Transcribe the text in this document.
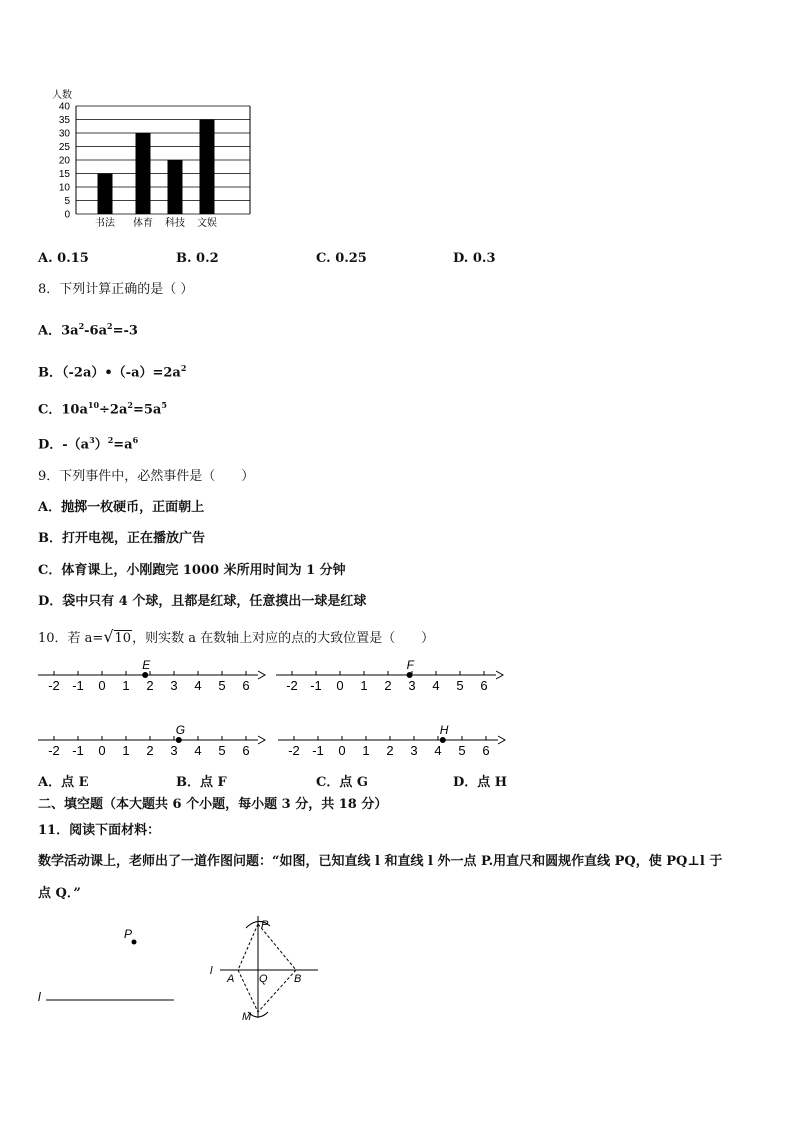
人数
0
5
10
15
20
25
30
35
40
书法 体育 科技 文娱
A. 0.15	B. 0.2	C. 0.25	D. 0.3
8．下列计算正确的是（ ）
A．$3a^2-6a^2=-3$
B．$(-2a)•(-a)=2a^2$
C．$10a^{10}\div 2a^2=5a^5$
D．$-(a^3)^2=a^6$
9．下列事件中，必然事件是（　　）
A．抛掷一枚硬币，正面朝上
B．打开电视，正在播放广告
C．体育课上，小刚跑完 1000 米所用时间为 1 分钟
D．袋中只有 4 个球，且都是红球，任意摸出一球是红球
10．若 a=√10，则实数 a 在数轴上对应的点的大致位置是（　　）
-2 -1 0 1 2 3 4 5 6
E
-2 -1 0 1 2 3 4 5 6
F
-2 -1 0 1 2 3 4 5 6
G
-2 -1 0 1 2 3 4 5 6
H
A．点 E	B．点 F	C．点 G	D．点 H
二、填空题（本大题共 6 个小题，每小题 3 分，共 18 分）
11．阅读下面材料：
数学活动课上，老师出了一道作图问题：“如图，已知直线 l 和直线 l 外一点 P.用直尺和圆规作直线 PQ，使 PQ⊥l 于
点 Q．”
P
l
P
l
A Q B
M
